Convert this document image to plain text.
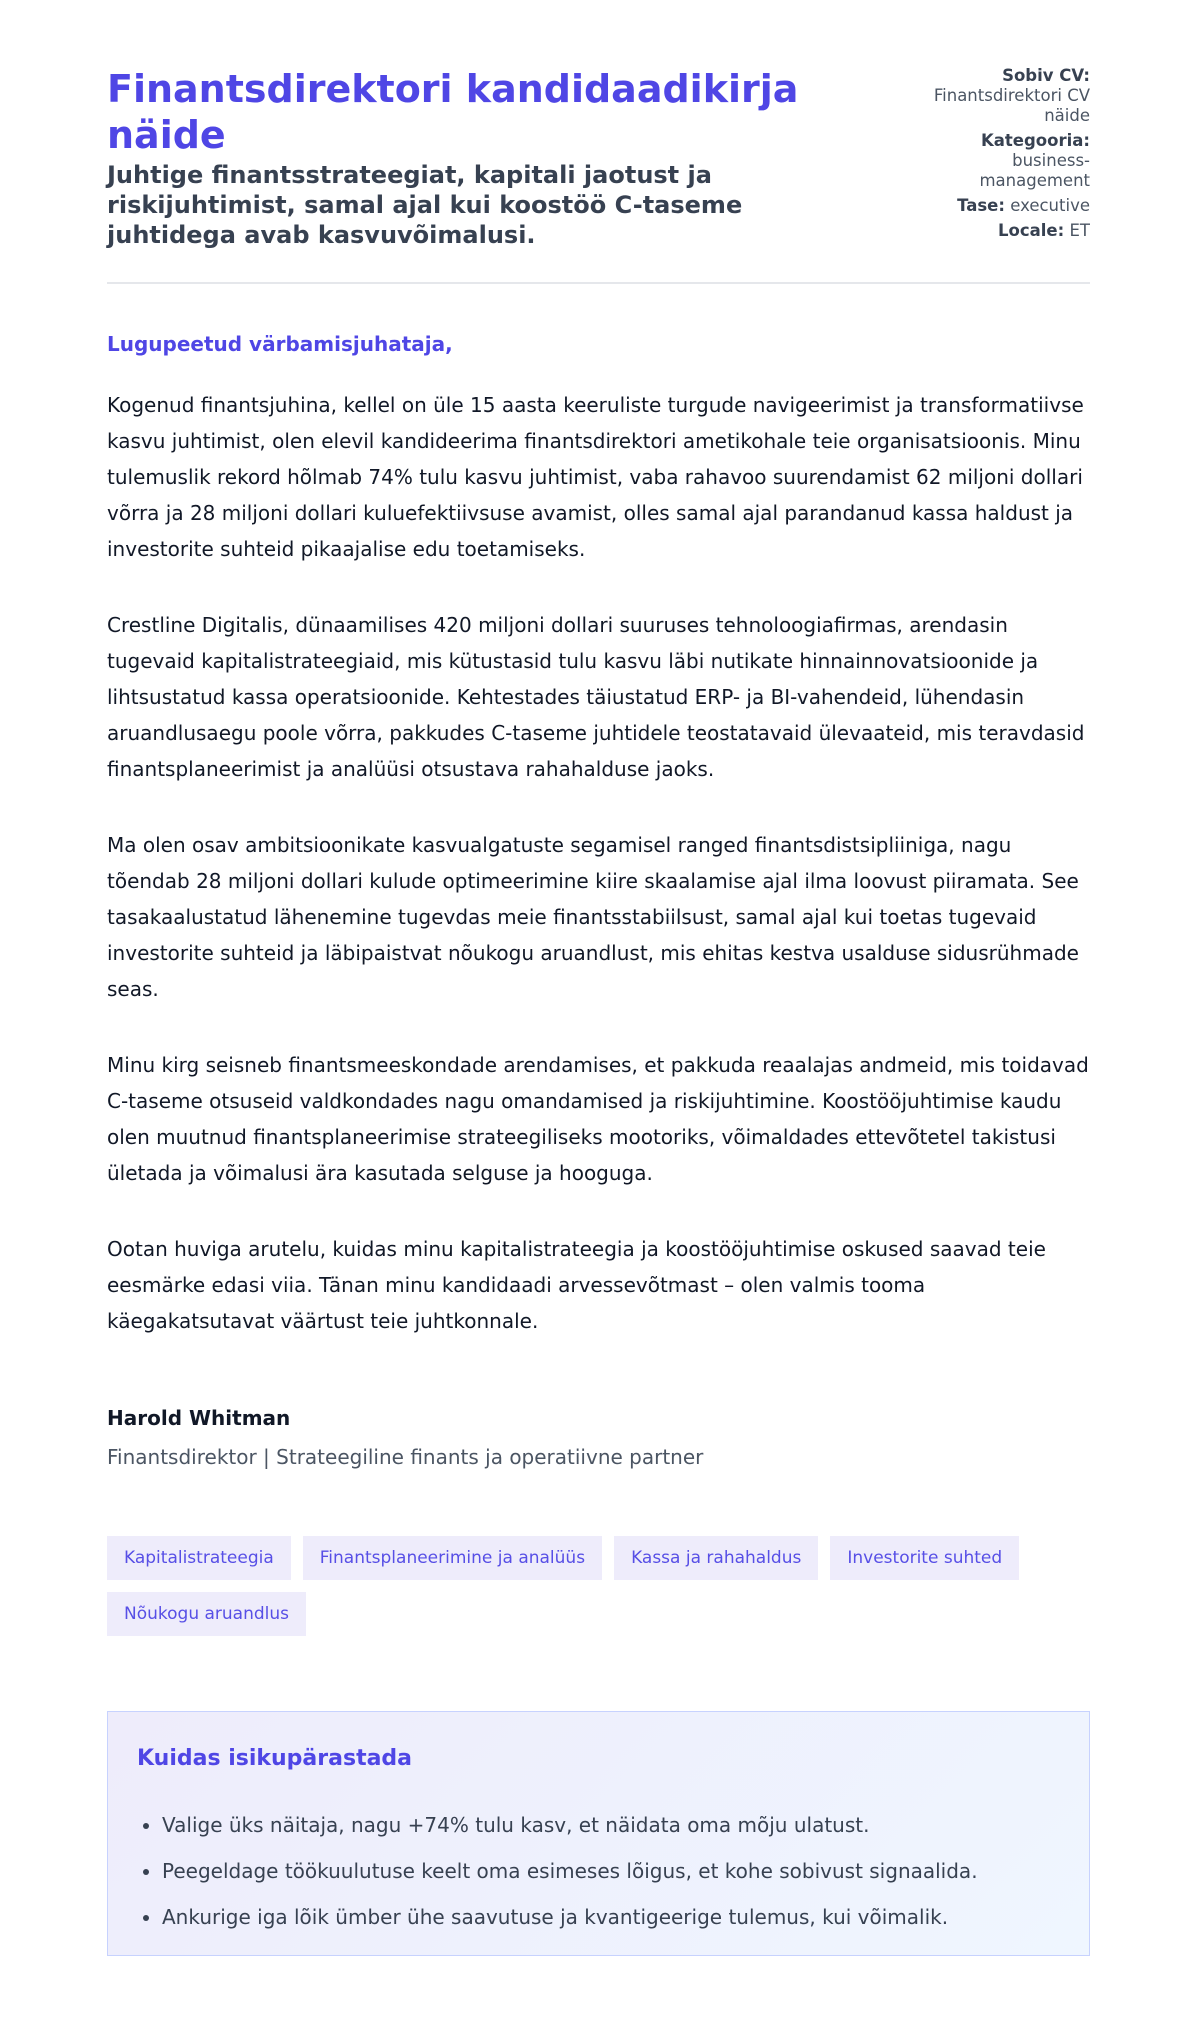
Finantsdirektori kandidaadikirja näide
Juhtige finantsstrateegiat, kapitali jaotust ja riskijuhtimist, samal ajal kui koostöö C-taseme juhtidega avab kasvuvõimalusi.
Sobiv CV:
Finantsdirektori CV näide
Kategooria:
business-management
Tase: executive
Locale: ET
Lugupeetud värbamisjuhataja,

Kogenud finantsjuhina, kellel on üle 15 aasta keeruliste turgude navigeerimist ja transformatiivse kasvu juhtimist, olen elevil kandideerima finantsdirektori ametikohale teie organisatsioonis. Minu tulemuslik rekord hõlmab 74% tulu kasvu juhtimist, vaba rahavoo suurendamist 62 miljoni dollari võrra ja 28 miljoni dollari kuluefektiivsuse avamist, olles samal ajal parandanud kassa haldust ja investorite suhteid pikaajalise edu toetamiseks.

Crestline Digitalis, dünaamilises 420 miljoni dollari suuruses tehnoloogiafirmas, arendasin tugevaid kapitalistrateegiaid, mis kütustasid tulu kasvu läbi nutikate hinnainnovatsioonide ja lihtsustatud kassa operatsioonide. Kehtestades täiustatud ERP- ja BI-vahendeid, lühendasin aruandlusaegu poole võrra, pakkudes C-taseme juhtidele teostatavaid ülevaateid, mis teravdasid finantsplaneerimist ja analüüsi otsustava rahahalduse jaoks.

Ma olen osav ambitsioonikate kasvualgatuste segamisel ranged finantsdistsipliiniga, nagu tõendab 28 miljoni dollari kulude optimeerimine kiire skaalamise ajal ilma loovust piiramata. See tasakaalustatud lähenemine tugevdas meie finantsstabiilsust, samal ajal kui toetas tugevaid investorite suhteid ja läbipaistvat nõukogu aruandlust, mis ehitas kestva usalduse sidusrühmade seas.

Minu kirg seisneb finantsmeeskondade arendamises, et pakkuda reaalajas andmeid, mis toidavad C-taseme otsuseid valdkondades nagu omandamised ja riskijuhtimine. Koostööjuhtimise kaudu olen muutnud finantsplaneerimise strateegiliseks mootoriks, võimaldades ettevõtetel takistusi ületada ja võimalusi ära kasutada selguse ja hooguga.

Ootan huviga arutelu, kuidas minu kapitalistrateegia ja koostööjuhtimise oskused saavad teie eesmärke edasi viia. Tänan minu kandidaadi arvessevõtmast – olen valmis tooma käegakatsutavat väärtust teie juhtkonnale.

Harold Whitman
Finantsdirektor | Strateegiline finants ja operatiivne partner
Kapitalistrateegia	Finantsplaneerimine ja analüüs	Kassa ja rahahaldus	Investorite suhted
Nõukogu aruandlus
Kuidas isikupärastada
• Valige üks näitaja, nagu +74% tulu kasv, et näidata oma mõju ulatust.
• Peegeldage töökuulutuse keelt oma esimeses lõigus, et kohe sobivust signaalida.
• Ankurige iga lõik ümber ühe saavutuse ja kvantigeerige tulemus, kui võimalik.
